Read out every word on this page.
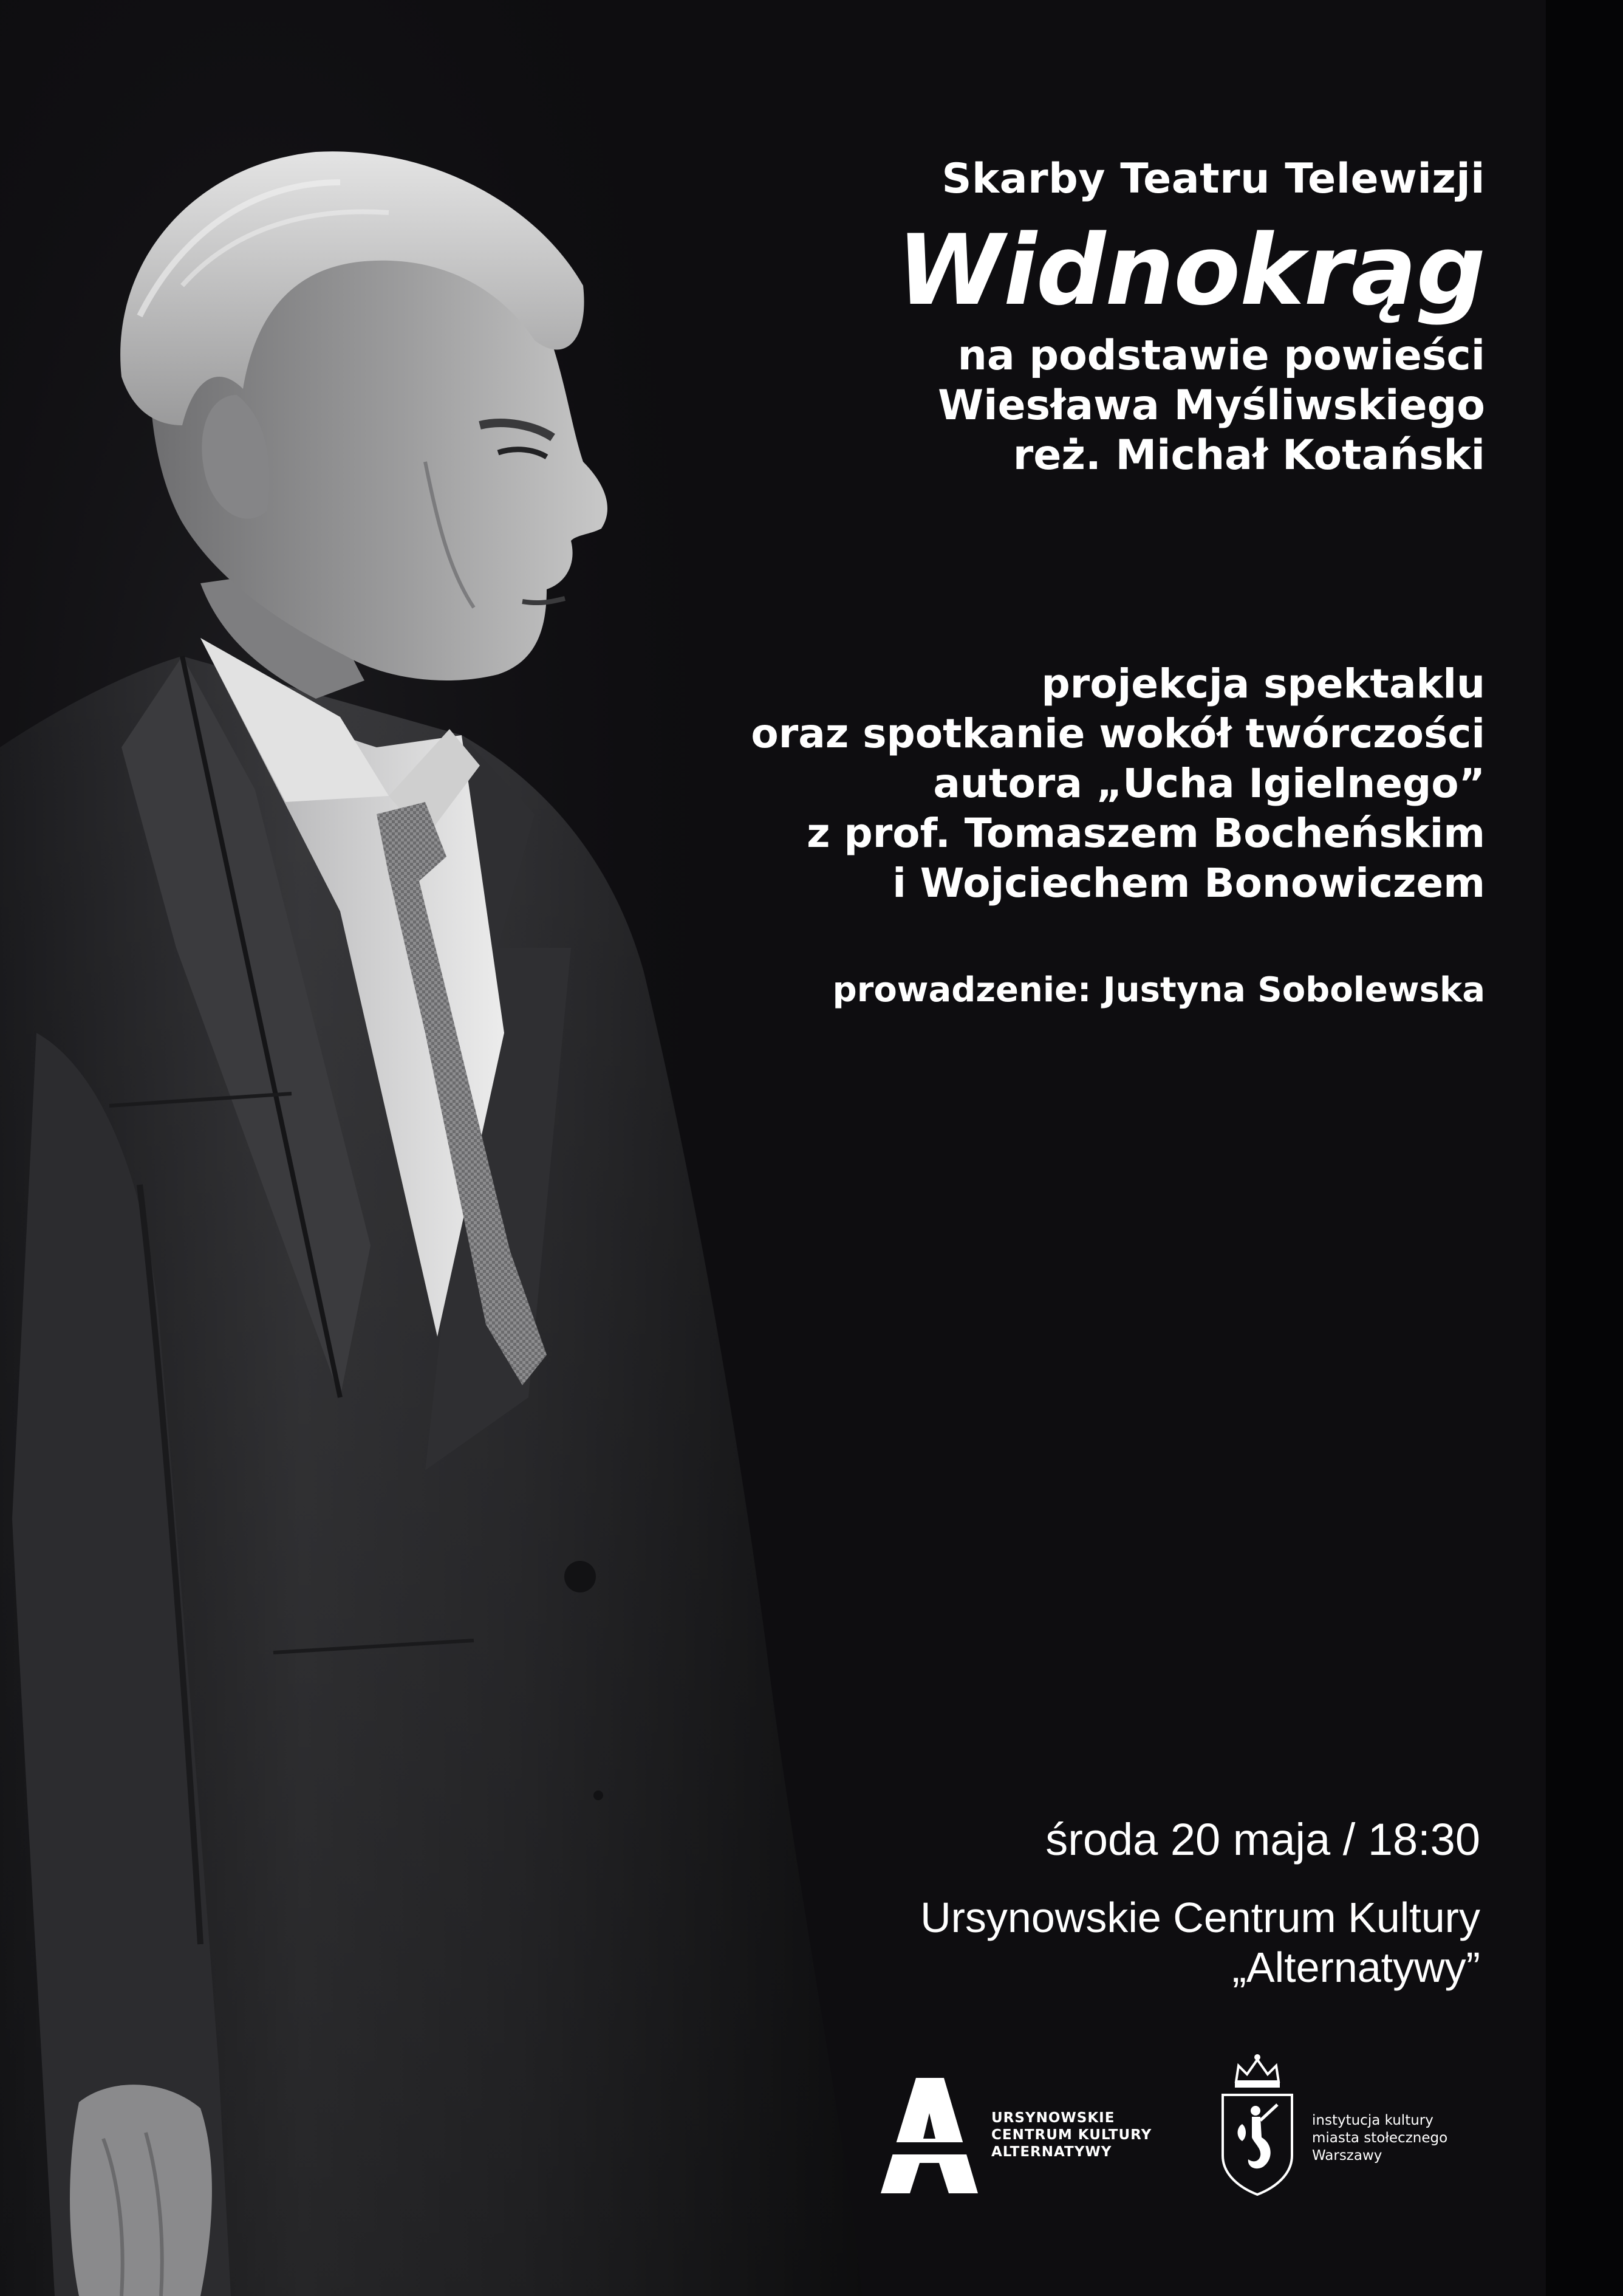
Skarby Teatru Telewizji
Widnokrąg
na podstawie powieści
Wiesława Myśliwskiego
reż. Michał Kotański
projekcja spektaklu
oraz spotkanie wokół twórczości
autora „Ucha Igielnego”
z prof. Tomaszem Bocheńskim
i Wojciechem Bonowiczem
prowadzenie: Justyna Sobolewska
środa 20 maja / 18:30
Ursynowskie Centrum Kultury
„Alternatywy”
URSYNOWSKIE
CENTRUM KULTURY
ALTERNATYWY
instytucja kultury
miasta stołecznego
Warszawy
